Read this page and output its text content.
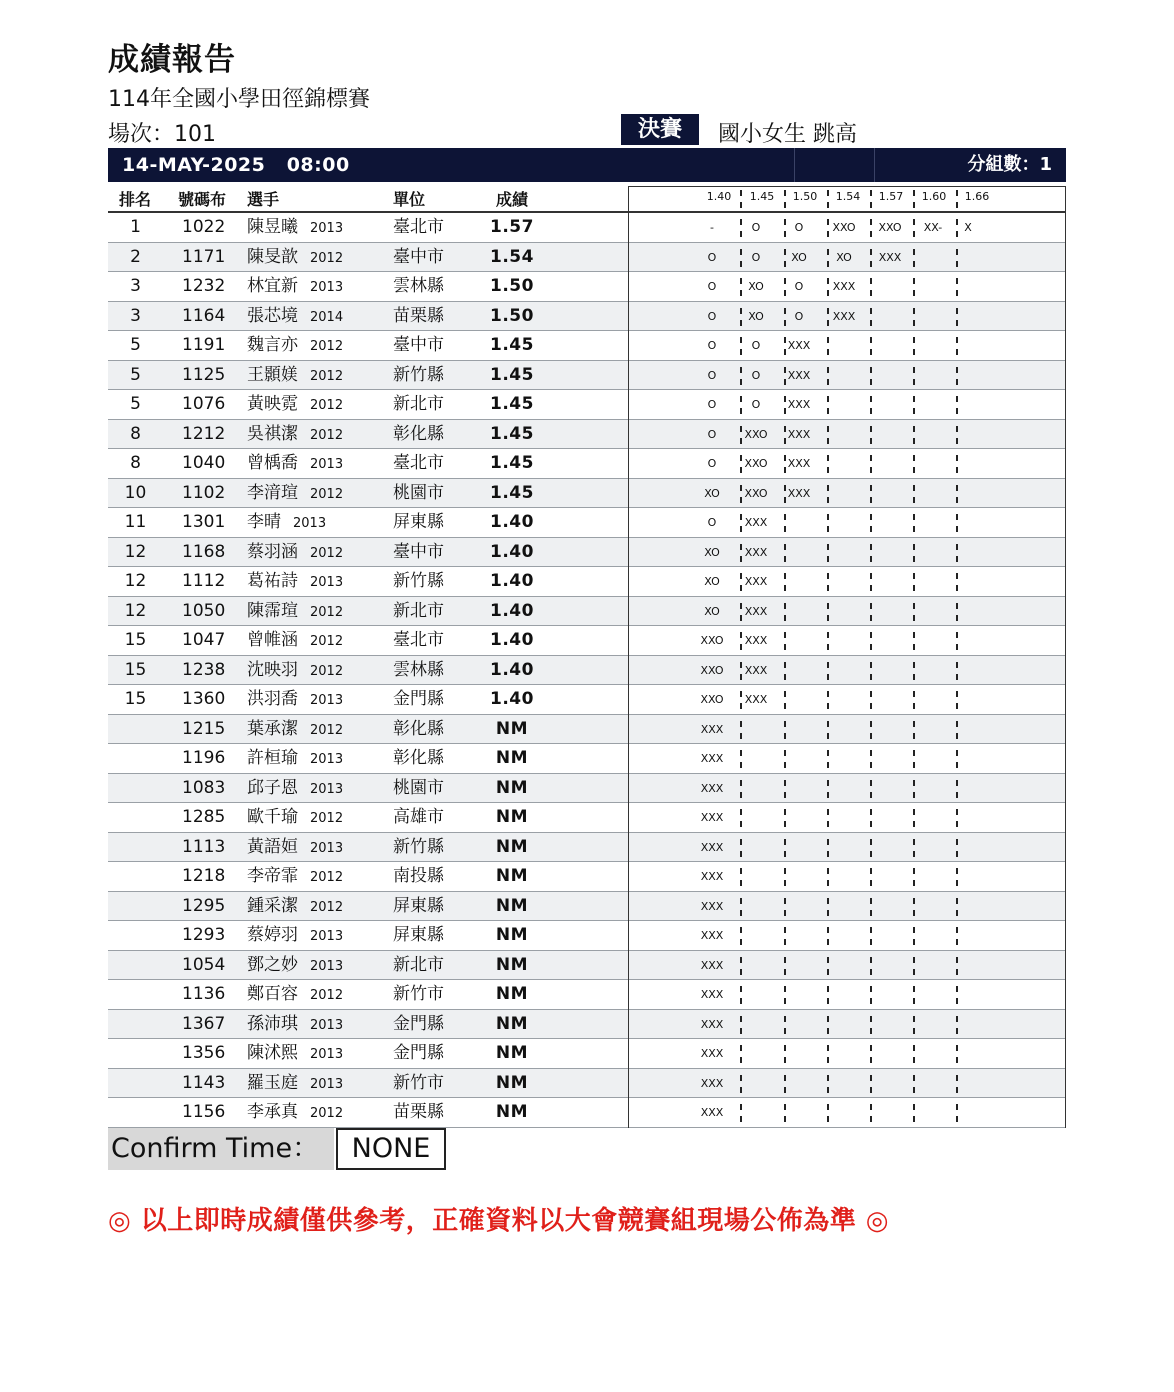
成績報告
114年全國小學田徑錦標賽
場次：101	決賽	國小女生 跳高
14-MAY-2025   08:00	分組數：1
排名 號碼布 選手	單位	成績	1.40	1.45	1.50	1.54	1.57	1.60	1.66
1	1022 陳昱曦 2013	臺北市	1.57	-	O	O	XXO	XXO	XX-	X
2	1171 陳旻歆 2012	臺中市	1.54	O	O	XO	XO	XXX
3	1232 林宜新 2013	雲林縣	1.50	O	XO	O	XXX
3	1164 張芯境 2014	苗栗縣	1.50	O	XO	O	XXX
5	1191 魏言亦 2012	臺中市	1.45	O	O	XXX
5	1125 王顥媄 2012	新竹縣	1.45	O	O	XXX
5	1076 黃映霓 2012	新北市	1.45	O	O	XXX
8	1212 吳祺潔 2012	彰化縣	1.45	O	XXO	XXX
8	1040 曾楀喬 2013	臺北市	1.45	O	XXO	XXX
10	1102 李湇瑄 2012	桃園市	1.45	XO	XXO	XXX
11	1301 李晴 2013	屏東縣	1.40	O	XXX
12	1168 蔡羽涵 2012	臺中市	1.40	XO	XXX
12	1112 葛祐詩 2013	新竹縣	1.40	XO	XXX
12	1050 陳霈瑄 2012	新北市	1.40	XO	XXX
15	1047 曾帷涵 2012	臺北市	1.40	XXO	XXX
15	1238 沈映羽 2012	雲林縣	1.40	XXO	XXX
15	1360 洪羽喬 2013	金門縣	1.40	XXO	XXX
1215 葉承潔 2012	彰化縣	NM	XXX
1196 許桓瑜 2013	彰化縣	NM	XXX
1083 邱子恩 2013	桃園市	NM	XXX
1285 歐千瑜 2012	高雄市	NM	XXX
1113 黃語姮 2013	新竹縣	NM	XXX
1218 李帝霏 2012	南投縣	NM	XXX
1295 鍾采潔 2012	屏東縣	NM	XXX
1293 蔡婷羽 2013	屏東縣	NM	XXX
1054 鄧之妙 2013	新北市	NM	XXX
1136 鄭百容 2012	新竹市	NM	XXX
1367 孫沛琪 2013	金門縣	NM	XXX
1356 陳沭熙 2013	金門縣	NM	XXX
1143 羅玉庭 2013	新竹市	NM	XXX
1156 李承真 2012	苗栗縣	NM	XXX
Confirm Time：	NONE
◎ 以上即時成績僅供參考，正確資料以大會競賽組現場公佈為準 ◎
